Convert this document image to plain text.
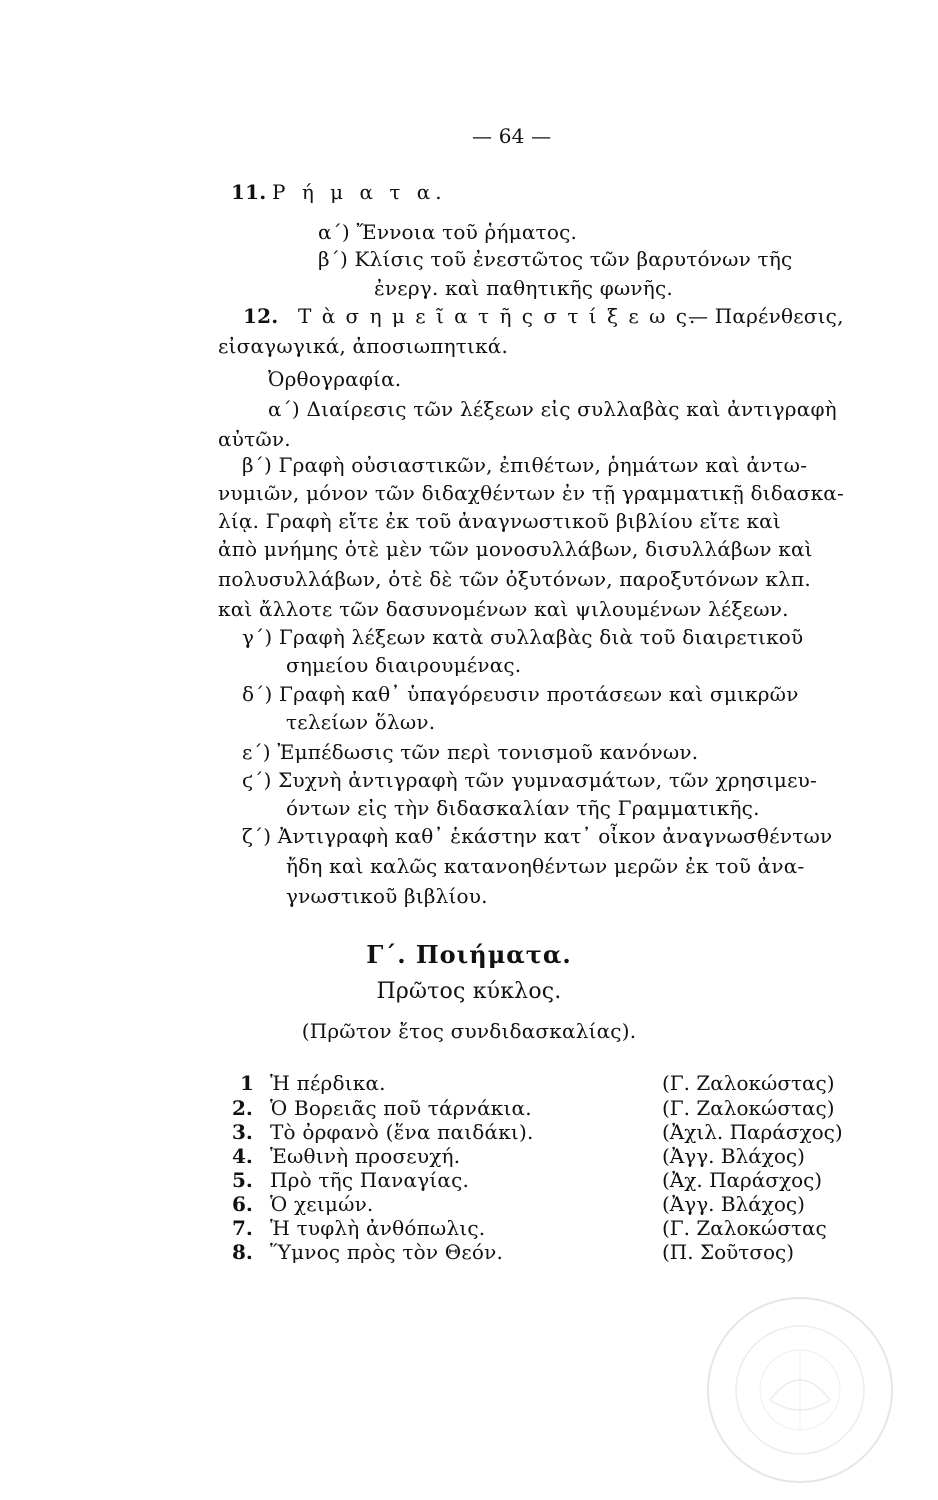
— 64 —
11. Ρ ή μ α τ α.
α΄) Ἔννοια τοῦ ῥήματος.
β΄) Κλίσις τοῦ ἐνεστῶτος τῶν βαρυτόνων τῆς
ἐνεργ. καὶ παθητικῆς φωνῆς.
12. Τ ὰ σ η μ ε ῖ α τ ῆ ς σ τ ί ξ ε ω ς.
— Παρένθεσις,
εἰσαγωγικά, ἀποσιωπητικά.
Ὀρθογραφία.
α΄) Διαίρεσις τῶν λέξεων εἰς συλλαβὰς καὶ ἀντιγραφὴ
αὐτῶν.
β΄) Γραφὴ οὐσιαστικῶν, ἐπιθέτων, ῥημάτων καὶ ἀντω-
νυμιῶν, μόνον τῶν διδαχθέντων ἐν τῇ γραμματικῇ διδασκα-
λίᾳ. Γραφὴ εἴτε ἐκ τοῦ ἀναγνωστικοῦ βιβλίου εἴτε καὶ
ἀπὸ μνήμης ὁτὲ μὲν τῶν μονοσυλλάβων, δισυλλάβων καὶ
πολυσυλλάβων, ὁτὲ δὲ τῶν ὀξυτόνων, παροξυτόνων κλπ.
καὶ ἄλλοτε τῶν δασυνομένων καὶ ψιλουμένων λέξεων.
γ΄) Γραφὴ λέξεων κατὰ συλλαβὰς διὰ τοῦ διαιρετικοῦ
σημείου διαιρουμένας.
δ΄) Γραφὴ καθ᾽ ὑπαγόρευσιν προτάσεων καὶ σμικρῶν
τελείων ὅλων.
ε΄) Ἐμπέδωσις τῶν περὶ τονισμοῦ κανόνων.
ϛ΄) Συχνὴ ἀντιγραφὴ τῶν γυμνασμάτων, τῶν χρησιμευ-
όντων εἰς τὴν διδασκαλίαν τῆς Γραμματικῆς.
ζ΄) Ἀντιγραφὴ καθ᾽ ἑκάστην κατ᾽ οἶκον ἀναγνωσθέντων
ἤδη καὶ καλῶς κατανοηθέντων μερῶν ἐκ τοῦ ἀνα-
γνωστικοῦ βιβλίου.
Γ΄. Ποιήματα.
Πρῶτος κύκλος.
(Πρῶτον ἔτος συνδιδασκαλίας).
1 Ἡ πέρδικα.	(Γ. Ζαλοκώστας)
2. Ὁ Βορειᾶς ποῦ τάρνάκια.	(Γ. Ζαλοκώστας)
3. Τὸ ὀρφανὸ (ἕνα παιδάκι).	(Ἀχιλ. Παράσχος)
4. Ἑωθινὴ προσευχή.	(Ἀγγ. Βλάχος)
5. Πρὸ τῆς Παναγίας.	(Ἀχ. Παράσχος)
6. Ὁ χειμών.	(Ἀγγ. Βλάχος)
7. Ἡ τυφλὴ ἀνθόπωλις.	(Γ. Ζαλοκώστας
8. Ὕμνος πρὸς τὸν Θεόν.	(Π. Σοῦτσος)
